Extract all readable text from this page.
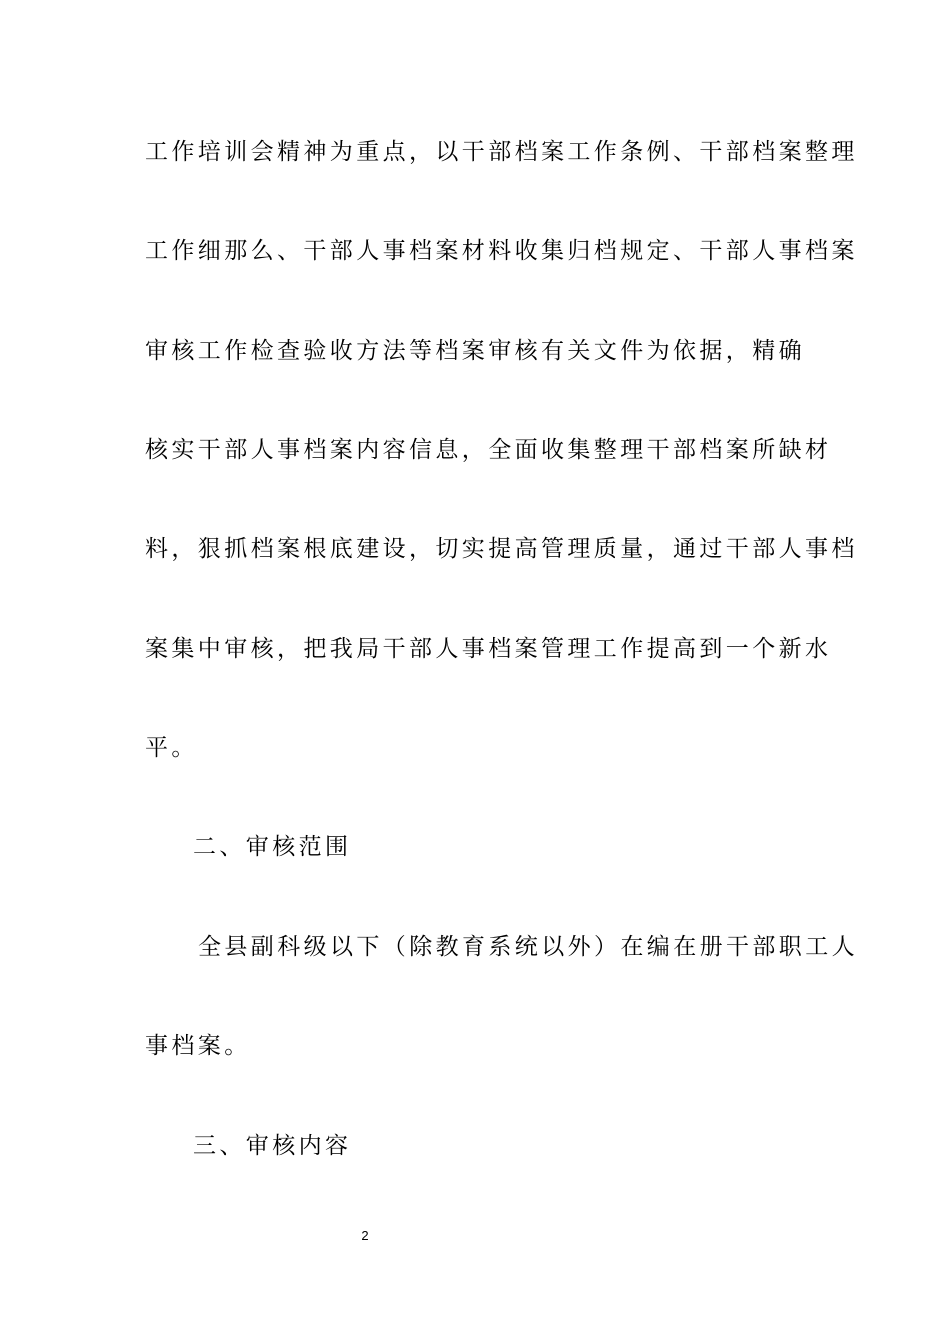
工作培训会精神为重点，以干部档案工作条例、干部档案整理
工作细那么、干部人事档案材料收集归档规定、干部人事档案
审核工作检查验收方法等档案审核有关文件为依据，精确
核实干部人事档案内容信息，全面收集整理干部档案所缺材
料，狠抓档案根底建设，切实提高管理质量，通过干部人事档
案集中审核，把我局干部人事档案管理工作提高到一个新水
平。
二、审核范围
全县副科级以下（除教育系统以外）在编在册干部职工人
事档案。
三、审核内容
2
